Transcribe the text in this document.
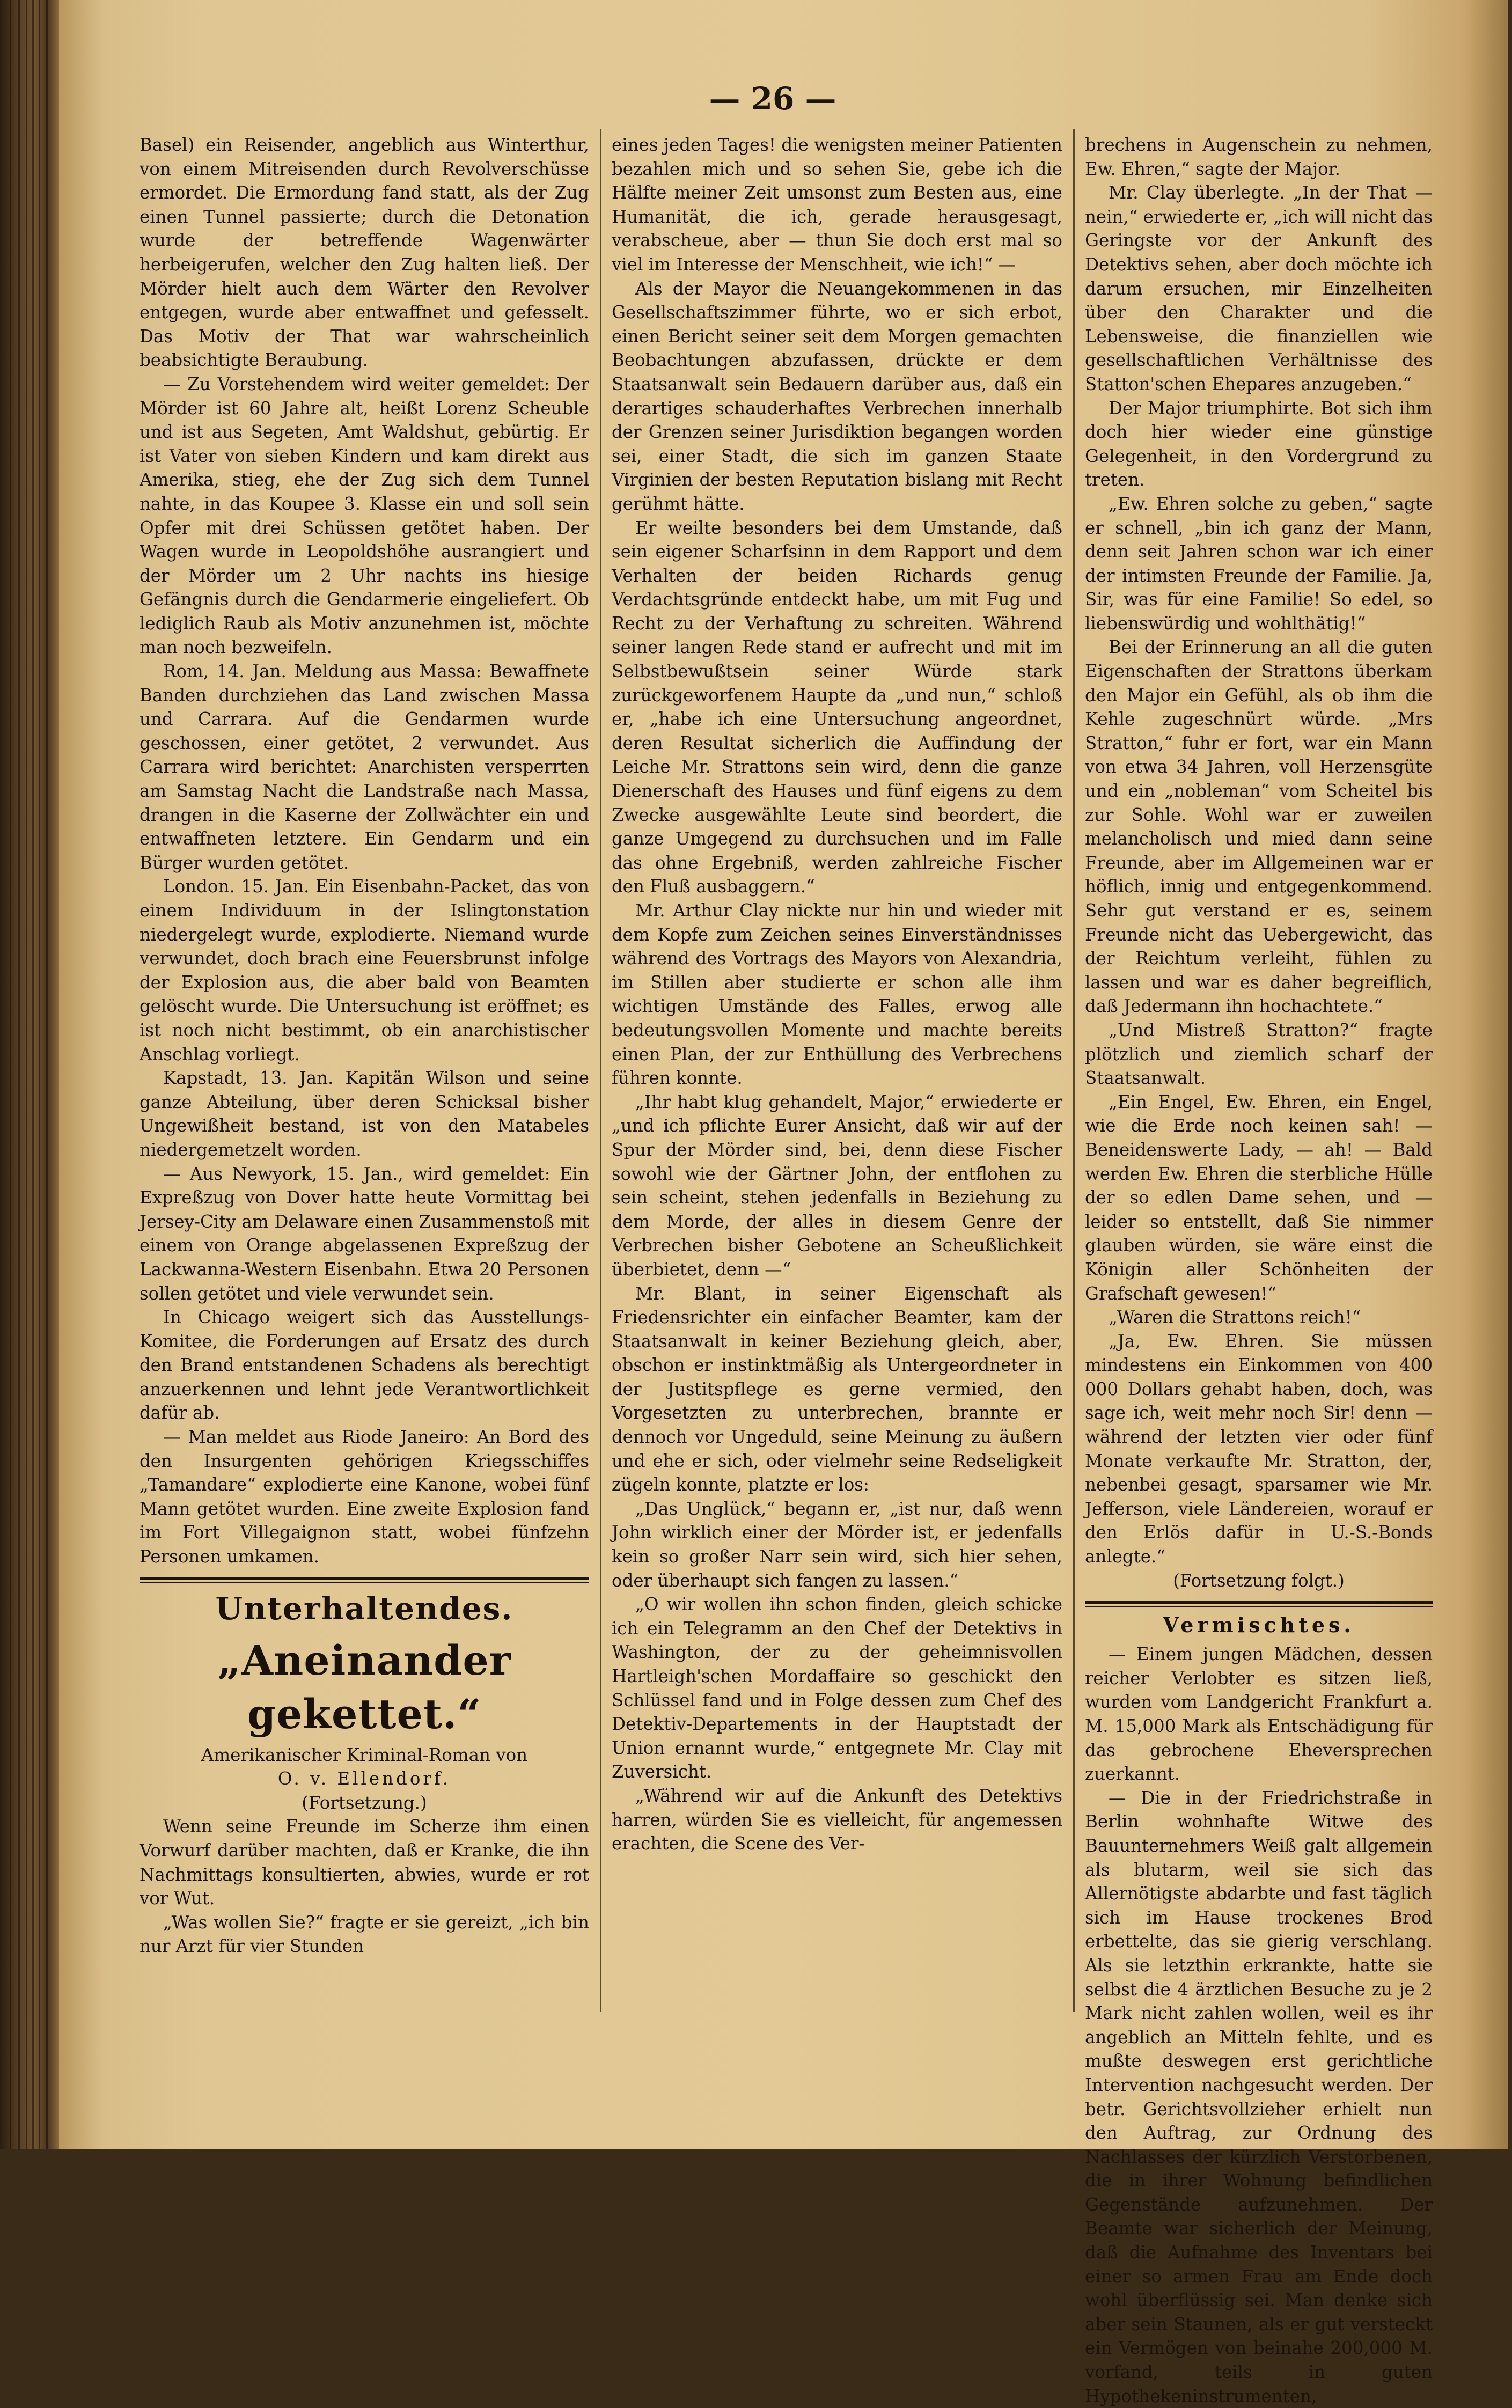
— 26 —

Basel) ein Reisender, angeblich aus Winterthur, von einem Mitreisenden durch Revolverschüsse ermordet. Die Ermordung fand statt, als der Zug einen Tunnel passierte; durch die Detonation wurde der betreffende Wagenwärter herbeigerufen, welcher den Zug halten ließ. Der Mörder hielt auch dem Wärter den Revolver entgegen, wurde aber entwaffnet und gefesselt. Das Motiv der That war wahrscheinlich beabsichtigte Beraubung.

— Zu Vorstehendem wird weiter gemeldet: Der Mörder ist 60 Jahre alt, heißt Lorenz Scheuble und ist aus Segeten, Amt Waldshut, gebürtig. Er ist Vater von sieben Kindern und kam direkt aus Amerika, stieg, ehe der Zug sich dem Tunnel nahte, in das Koupee 3. Klasse ein und soll sein Opfer mit drei Schüssen getötet haben. Der Wagen wurde in Leopoldshöhe ausrangiert und der Mörder um 2 Uhr nachts ins hiesige Gefängnis durch die Gendarmerie eingeliefert. Ob lediglich Raub als Motiv anzunehmen ist, möchte man noch bezweifeln.

Rom, 14. Jan. Meldung aus Massa: Bewaffnete Banden durchziehen das Land zwischen Massa und Carrara. Auf die Gendarmen wurde geschossen, einer getötet, 2 verwundet. Aus Carrara wird berichtet: Anarchisten versperrten am Samstag Nacht die Landstraße nach Massa, drangen in die Kaserne der Zollwächter ein und entwaffneten letztere. Ein Gendarm und ein Bürger wurden getötet.

London. 15. Jan. Ein Eisenbahn-Packet, das von einem Individuum in der Islingtonstation niedergelegt wurde, explodierte. Niemand wurde verwundet, doch brach eine Feuersbrunst infolge der Explosion aus, die aber bald von Beamten gelöscht wurde. Die Untersuchung ist eröffnet; es ist noch nicht bestimmt, ob ein anarchistischer Anschlag vorliegt.

Kapstadt, 13. Jan. Kapitän Wilson und seine ganze Abteilung, über deren Schicksal bisher Ungewißheit bestand, ist von den Matabeles niedergemetzelt worden.

— Aus Newyork, 15. Jan., wird gemeldet: Ein Expreßzug von Dover hatte heute Vormittag bei Jersey-City am Delaware einen Zusammenstoß mit einem von Orange abgelassenen Expreßzug der Lackwanna-Western Eisenbahn. Etwa 20 Personen sollen getötet und viele verwundet sein.

In Chicago weigert sich das Ausstellungs-Komitee, die Forderungen auf Ersatz des durch den Brand entstandenen Schadens als berechtigt anzuerkennen und lehnt jede Verantwortlichkeit dafür ab.

— Man meldet aus Riode Janeiro: An Bord des den Insurgenten gehörigen Kriegsschiffes „Tamandare“ explodierte eine Kanone, wobei fünf Mann getötet wurden. Eine zweite Explosion fand im Fort Villegaignon statt, wobei fünfzehn Personen umkamen.

Unterhaltendes.
„Aneinander gekettet.“

Amerikanischer Kriminal-Roman von

O. v. Ellendorf.

(Fortsetzung.)

Wenn seine Freunde im Scherze ihm einen Vorwurf darüber machten, daß er Kranke, die ihn Nachmittags konsultierten, abwies, wurde er rot vor Wut.

„Was wollen Sie?“ fragte er sie gereizt, „ich bin nur Arzt für vier Stunden

eines jeden Tages! die wenigsten meiner Patienten bezahlen mich und so sehen Sie, gebe ich die Hälfte meiner Zeit umsonst zum Besten aus, eine Humanität, die ich, gerade herausgesagt, verabscheue, aber — thun Sie doch erst mal so viel im Interesse der Menschheit, wie ich!“ —

Als der Mayor die Neuangekommenen in das Gesellschaftszimmer führte, wo er sich erbot, einen Bericht seiner seit dem Morgen gemachten Beobachtungen abzufassen, drückte er dem Staatsanwalt sein Bedauern darüber aus, daß ein derartiges schauderhaftes Verbrechen innerhalb der Grenzen seiner Jurisdiktion begangen worden sei, einer Stadt, die sich im ganzen Staate Virginien der besten Reputation bislang mit Recht gerühmt hätte.

Er weilte besonders bei dem Umstande, daß sein eigener Scharfsinn in dem Rapport und dem Verhalten der beiden Richards genug Verdachtsgründe entdeckt habe, um mit Fug und Recht zu der Verhaftung zu schreiten. Während seiner langen Rede stand er aufrecht und mit im Selbstbewußtsein seiner Würde stark zurückgeworfenem Haupte da „und nun,“ schloß er, „habe ich eine Untersuchung angeordnet, deren Resultat sicherlich die Auffindung der Leiche Mr. Strattons sein wird, denn die ganze Dienerschaft des Hauses und fünf eigens zu dem Zwecke ausgewählte Leute sind beordert, die ganze Umgegend zu durchsuchen und im Falle das ohne Ergebniß, werden zahlreiche Fischer den Fluß ausbaggern.“

Mr. Arthur Clay nickte nur hin und wieder mit dem Kopfe zum Zeichen seines Einverständnisses während des Vortrags des Mayors von Alexandria, im Stillen aber studierte er schon alle ihm wichtigen Umstände des Falles, erwog alle bedeutungsvollen Momente und machte bereits einen Plan, der zur Enthüllung des Verbrechens führen konnte.

„Ihr habt klug gehandelt, Major,“ erwiederte er „und ich pflichte Eurer Ansicht, daß wir auf der Spur der Mörder sind, bei, denn diese Fischer sowohl wie der Gärtner John, der entflohen zu sein scheint, stehen jedenfalls in Beziehung zu dem Morde, der alles in diesem Genre der Verbrechen bisher Gebotene an Scheußlichkeit überbietet, denn —“

Mr. Blant, in seiner Eigenschaft als Friedensrichter ein einfacher Beamter, kam der Staatsanwalt in keiner Beziehung gleich, aber, obschon er instinktmäßig als Untergeordneter in der Justitspflege es gerne vermied, den Vorgesetzten zu unterbrechen, brannte er dennoch vor Ungeduld, seine Meinung zu äußern und ehe er sich, oder vielmehr seine Redseligkeit zügeln konnte, platzte er los:

„Das Unglück,“ begann er, „ist nur, daß wenn John wirklich einer der Mörder ist, er jedenfalls kein so großer Narr sein wird, sich hier sehen, oder überhaupt sich fangen zu lassen.“

„O wir wollen ihn schon finden, gleich schicke ich ein Telegramm an den Chef der Detektivs in Washington, der zu der geheimnisvollen Hartleigh'schen Mordaffaire so geschickt den Schlüssel fand und in Folge dessen zum Chef des Detektiv-Departements in der Hauptstadt der Union ernannt wurde,“ entgegnete Mr. Clay mit Zuversicht.

„Während wir auf die Ankunft des Detektivs harren, würden Sie es vielleicht, für angemessen erachten, die Scene des Ver-

brechens in Augenschein zu nehmen, Ew. Ehren,“ sagte der Major.

Mr. Clay überlegte. „In der That — nein,“ erwiederte er, „ich will nicht das Geringste vor der Ankunft des Detektivs sehen, aber doch möchte ich darum ersuchen, mir Einzelheiten über den Charakter und die Lebensweise, die finanziellen wie gesellschaftlichen Verhältnisse des Statton'schen Ehepares anzugeben.“

Der Major triumphirte. Bot sich ihm doch hier wieder eine günstige Gelegenheit, in den Vordergrund zu treten.

„Ew. Ehren solche zu geben,“ sagte er schnell, „bin ich ganz der Mann, denn seit Jahren schon war ich einer der intimsten Freunde der Familie. Ja, Sir, was für eine Familie! So edel, so liebenswürdig und wohlthätig!“

Bei der Erinnerung an all die guten Eigenschaften der Strattons überkam den Major ein Gefühl, als ob ihm die Kehle zugeschnürt würde. „Mrs Stratton,“ fuhr er fort, war ein Mann von etwa 34 Jahren, voll Herzensgüte und ein „nobleman“ vom Scheitel bis zur Sohle. Wohl war er zuweilen melancholisch und mied dann seine Freunde, aber im Allgemeinen war er höflich, innig und entgegenkommend. Sehr gut verstand er es, seinem Freunde nicht das Uebergewicht, das der Reichtum verleiht, fühlen zu lassen und war es daher begreiflich, daß Jedermann ihn hochachtete.“

„Und Mistreß Stratton?“ fragte plötzlich und ziemlich scharf der Staatsanwalt.

„Ein Engel, Ew. Ehren, ein Engel, wie die Erde noch keinen sah! — Beneidenswerte Lady, — ah! — Bald werden Ew. Ehren die sterbliche Hülle der so edlen Dame sehen, und — leider so entstellt, daß Sie nimmer glauben würden, sie wäre einst die Königin aller Schönheiten der Grafschaft gewesen!“

„Waren die Strattons reich!“

„Ja, Ew. Ehren. Sie müssen mindestens ein Einkommen von 400 000 Dollars gehabt haben, doch, was sage ich, weit mehr noch Sir! denn — während der letzten vier oder fünf Monate verkaufte Mr. Stratton, der, nebenbei gesagt, sparsamer wie Mr. Jefferson, viele Ländereien, worauf er den Erlös dafür in U.-S.-Bonds anlegte.“

(Fortsetzung folgt.)

Vermischtes.

— Einem jungen Mädchen, dessen reicher Verlobter es sitzen ließ, wurden vom Landgericht Frankfurt a. M. 15,000 Mark als Entschädigung für das gebrochene Eheversprechen zuerkannt.

— Die in der Friedrichstraße in Berlin wohnhafte Witwe des Bauunternehmers Weiß galt allgemein als blutarm, weil sie sich das Allernötigste abdarbte und fast täglich sich im Hause trockenes Brod erbettelte, das sie gierig verschlang. Als sie letzthin erkrankte, hatte sie selbst die 4 ärztlichen Besuche zu je 2 Mark nicht zahlen wollen, weil es ihr angeblich an Mitteln fehlte, und es mußte deswegen erst gerichtliche Intervention nachgesucht werden. Der betr. Gerichtsvollzieher erhielt nun den Auftrag, zur Ordnung des Nachlasses der kürzlich Verstorbenen, die in ihrer Wohnung befindlichen Gegenstände aufzunehmen. Der Beamte war sicherlich der Meinung, daß die Aufnahme des Inventars bei einer so armen Frau am Ende doch wohl überflüssig sei. Man denke sich aber sein Staunen, als er gut versteckt ein Vermögen von beinahe 200,000 M. vorfand, teils in guten Hypothekeninstrumenten,
